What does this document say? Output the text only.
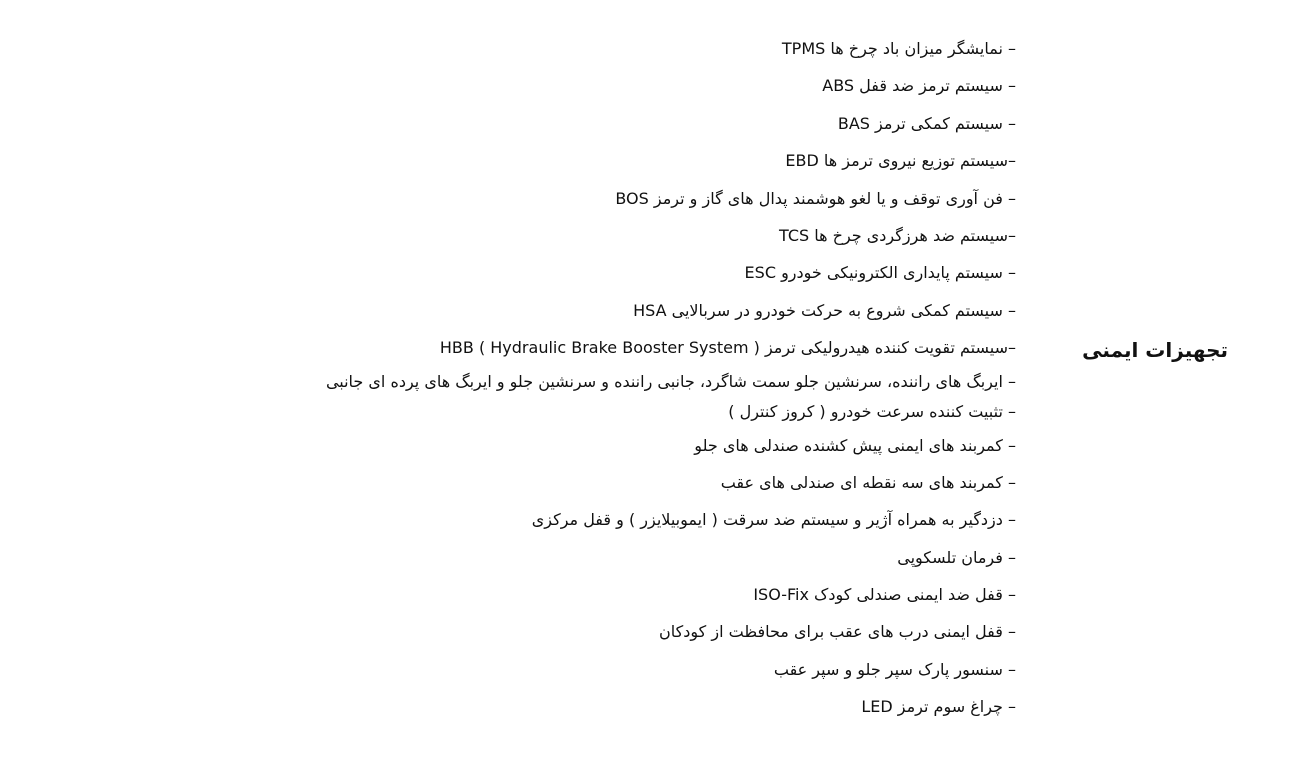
تجهیزات ایمنی
– نمایشگر میزان باد چرخ ها TPMS
– سیستم ترمز ضد قفل ABS
– سیستم کمکی ترمز BAS
–سیستم توزیع نیروی ترمز ها EBD
– فن آوری توقف و یا لغو هوشمند پدال های گاز و ترمز BOS
–سیستم ضد هرزگردی چرخ ها TCS
– سیستم پایداری الکترونیکی خودرو ESC
– سیستم کمکی شروع به حرکت خودرو در سربالایی HSA
–سیستم تقویت کننده هیدرولیکی ترمز ( HBB ( Hydraulic Brake Booster System
– ایربگ های راننده، سرنشین جلو سمت شاگرد، جانبی راننده و سرنشین جلو و ایربگ های پرده ای جانبی
– تثبیت کننده سرعت خودرو ( کروز کنترل )
– کمربند های ایمنی پیش کشنده صندلی های جلو
– کمربند های سه نقطه ای صندلی های عقب
– دزدگیر به همراه آژیر و سیستم ضد سرقت ( ایموبیلایزر ) و قفل مرکزی
– فرمان تلسکوپی
– قفل ضد ایمنی صندلی کودک ISO-Fix
– قفل ایمنی درب های عقب برای محافظت از کودکان
– سنسور پارک سپر جلو و سپر عقب
– چراغ سوم ترمز LED
